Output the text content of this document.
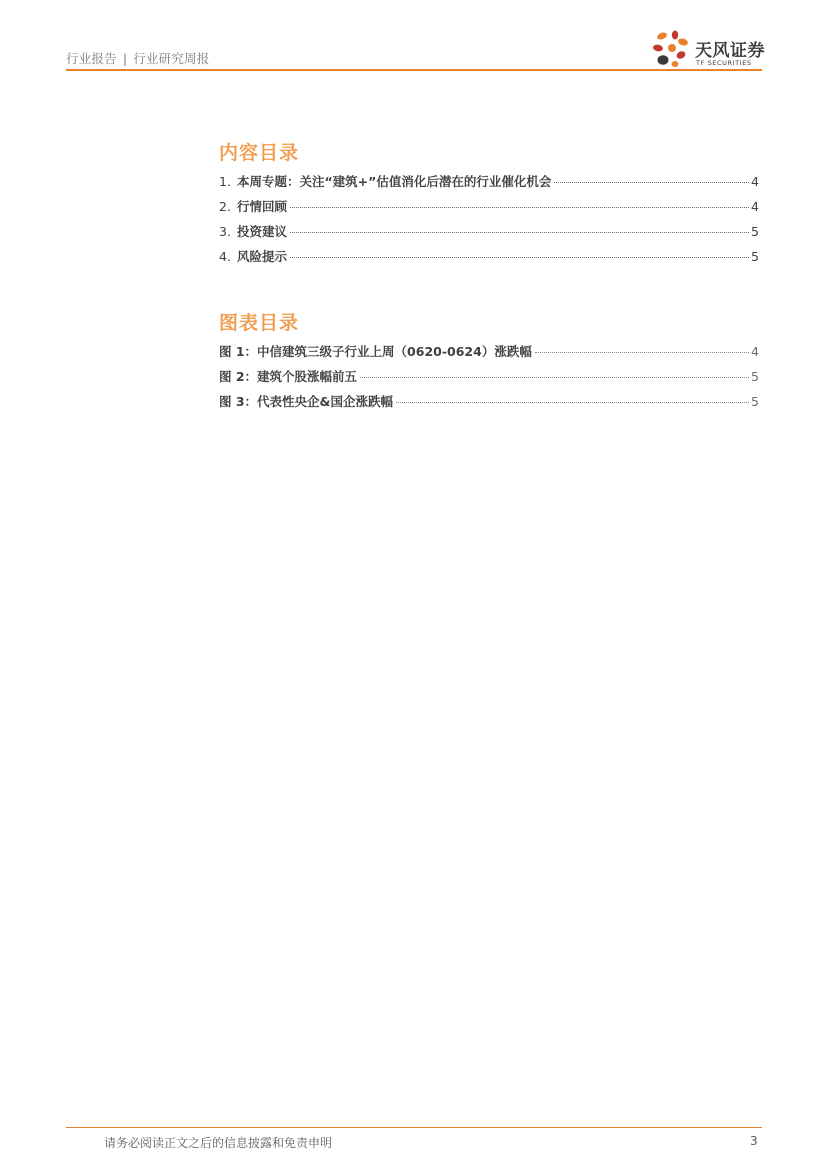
行业报告 | 行业研究周报	天风证券
TF SECURITIES
内容目录
1. 本周专题：关注“建筑+”估值消化后潜在的行业催化机会	4
2. 行情回顾	4
3. 投资建议	5
4. 风险提示	5
图表目录
图 1：中信建筑三级子行业上周（0620-0624）涨跌幅	4
图 2：建筑个股涨幅前五	5
图 3：代表性央企&国企涨跌幅	5
请务必阅读正文之后的信息披露和免责申明	3
